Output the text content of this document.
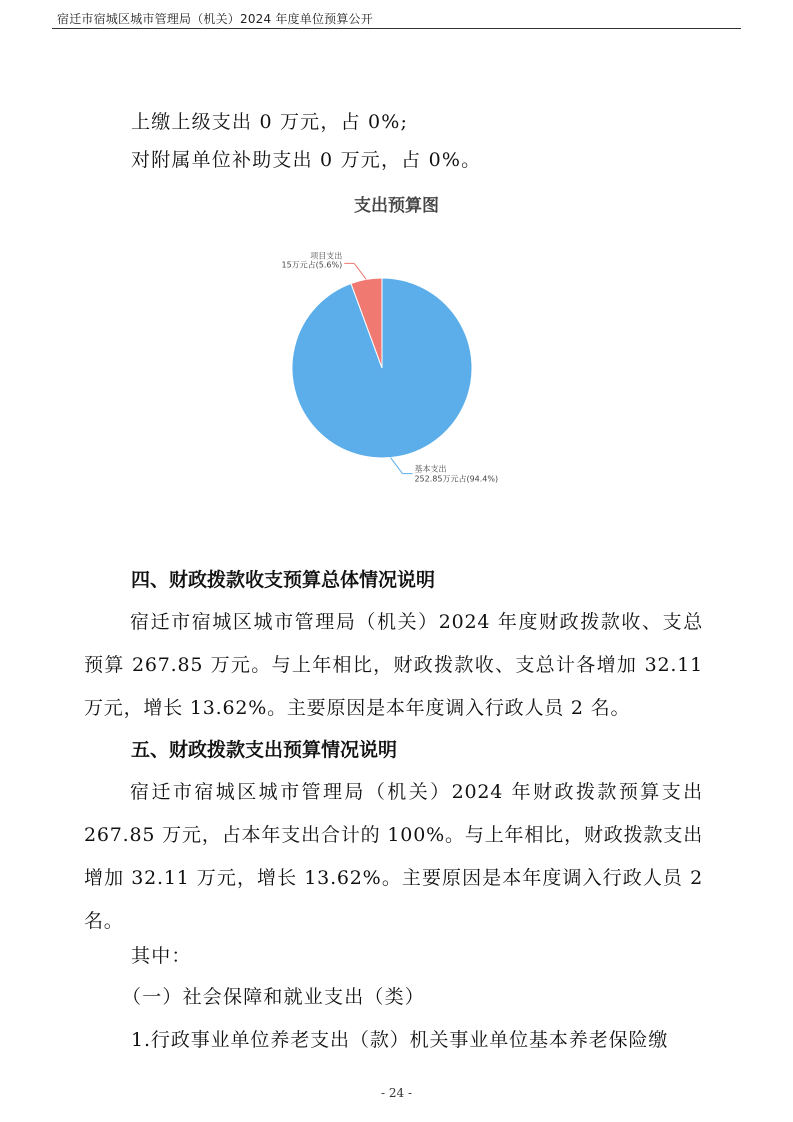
宿迁市宿城区城市管理局（机关）2024 年度单位预算公开
上缴上级支出 0 万元，占 0%;
对附属单位补助支出 0 万元，占 0%。
支出预算图
项目支出
15万元占(5.6%)
基本支出
252.85万元占(94.4%)
四、财政拨款收支预算总体情况说明
宿迁市宿城区城市管理局（机关）2024 年度财政拨款收、支总预算 267.85 万元。与上年相比，财政拨款收、支总计各增加 32.11 万元，增长 13.62%。主要原因是本年度调入行政人员 2 名。
五、财政拨款支出预算情况说明
宿迁市宿城区城市管理局（机关）2024 年财政拨款预算支出 267.85 万元，占本年支出合计的 100%。与上年相比，财政拨款支出增加 32.11 万元，增长 13.62%。主要原因是本年度调入行政人员 2 名。
其中：
（一）社会保障和就业支出（类）
1.行政事业单位养老支出（款）机关事业单位基本养老保险缴
- 24 -
